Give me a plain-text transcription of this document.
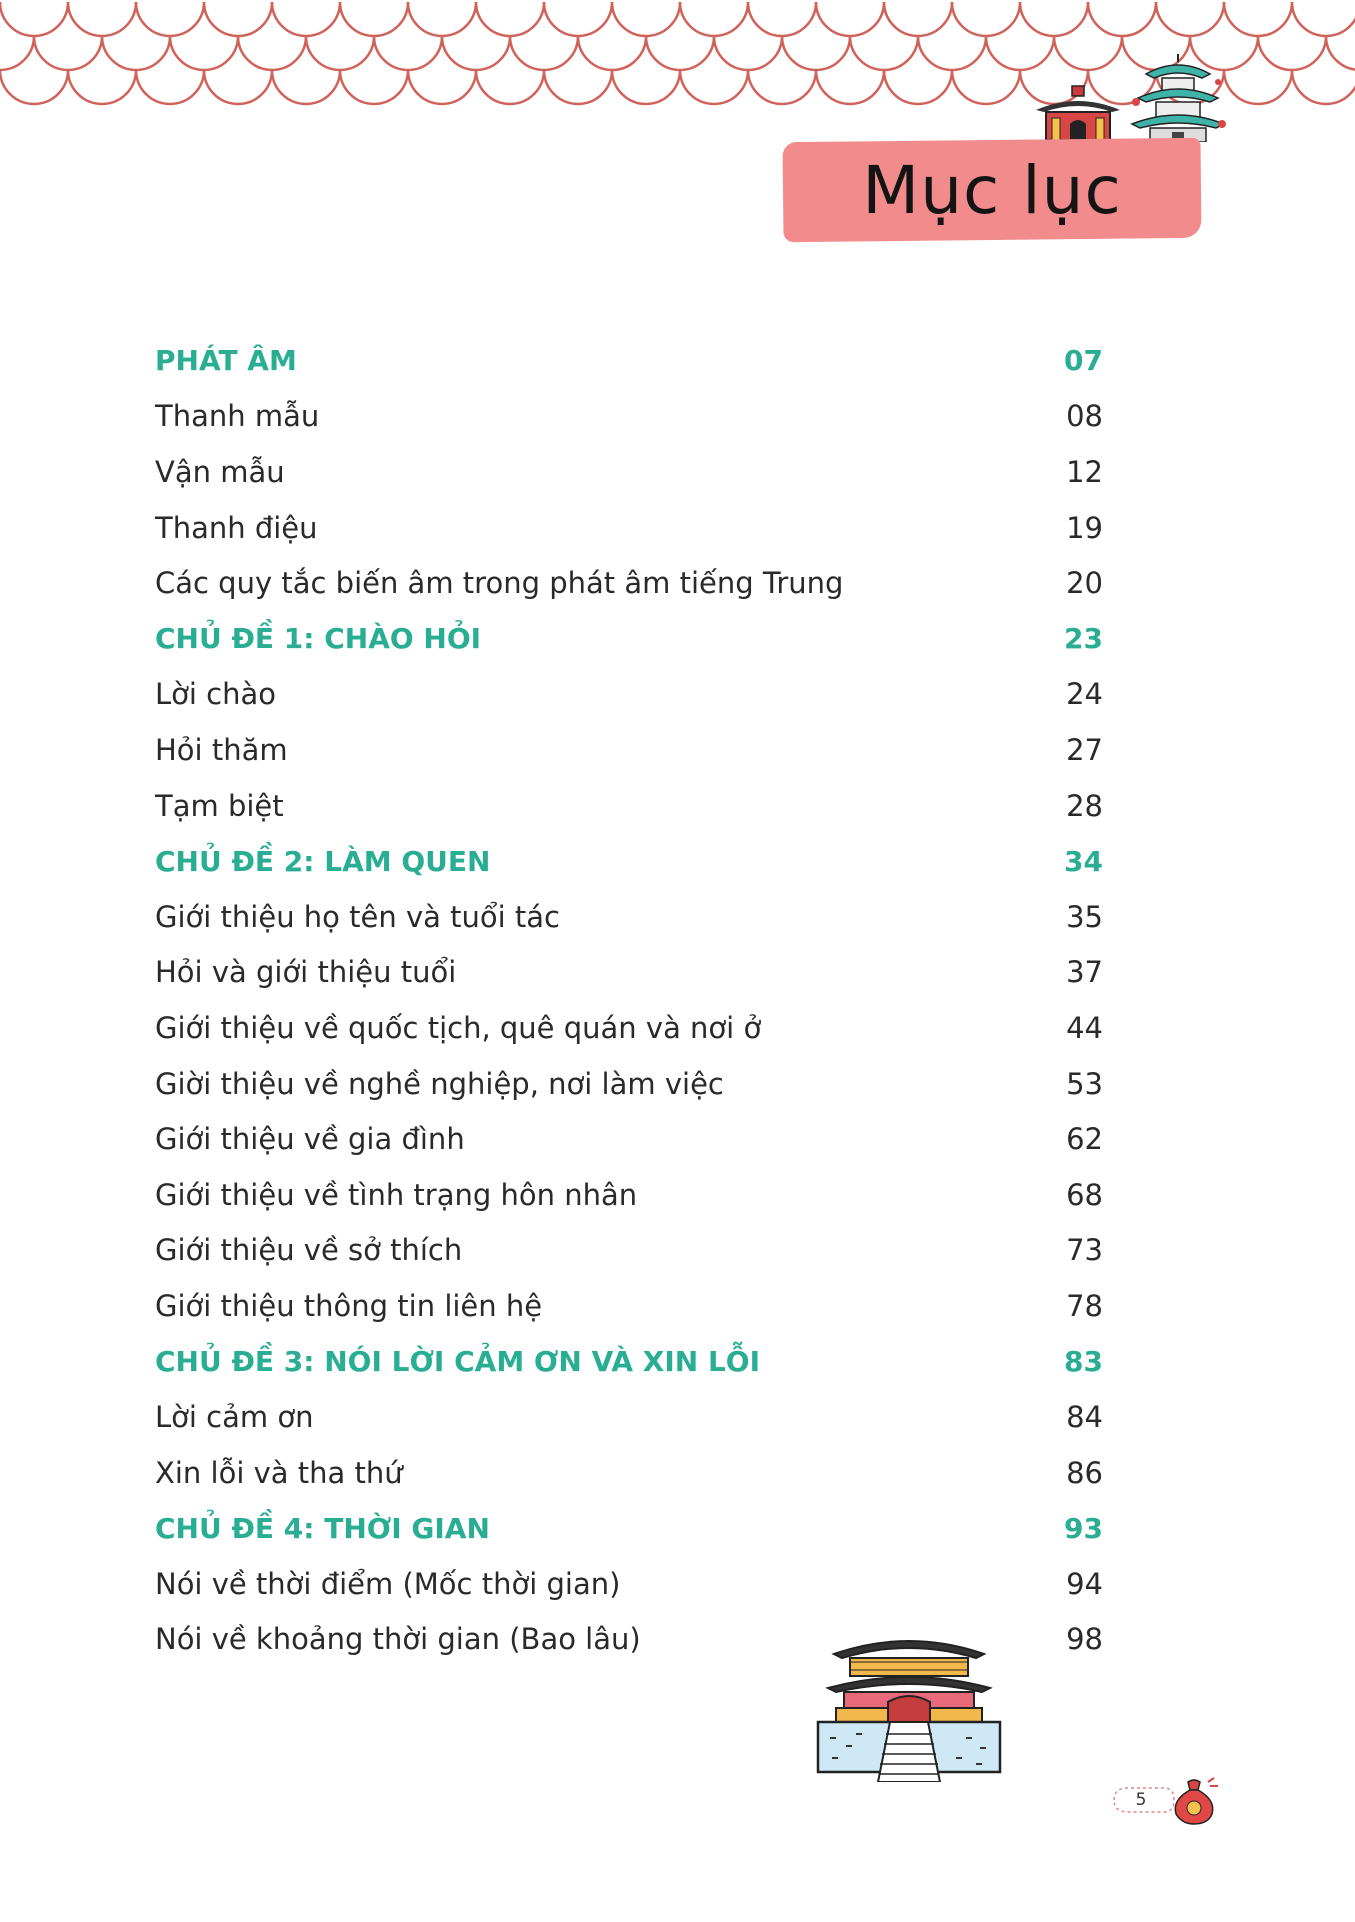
Mục lục
PHÁT ÂM	07
Thanh mẫu	08
Vận mẫu	12
Thanh điệu	19
Các quy tắc biến âm trong phát âm tiếng Trung	20
CHỦ ĐỀ 1: CHÀO HỎI	23
Lời chào	24
Hỏi thăm	27
Tạm biệt	28
CHỦ ĐỀ 2: LÀM QUEN	34
Giới thiệu họ tên và tuổi tác	35
Hỏi và giới thiệu tuổi	37
Giới thiệu về quốc tịch, quê quán và nơi ở	44
Giời thiệu về nghề nghiệp, nơi làm việc	53
Giới thiệu về gia đình	62
Giới thiệu về tình trạng hôn nhân	68
Giới thiệu về sở thích	73
Giới thiệu thông tin liên hệ	78
CHỦ ĐỀ 3: NÓI LỜI CẢM ƠN VÀ XIN LỖI	83
Lời cảm ơn	84
Xin lỗi và tha thứ	86
CHỦ ĐỀ 4: THỜI GIAN	93
Nói về thời điểm (Mốc thời gian)	94
Nói về khoảng thời gian (Bao lâu)	98
5
